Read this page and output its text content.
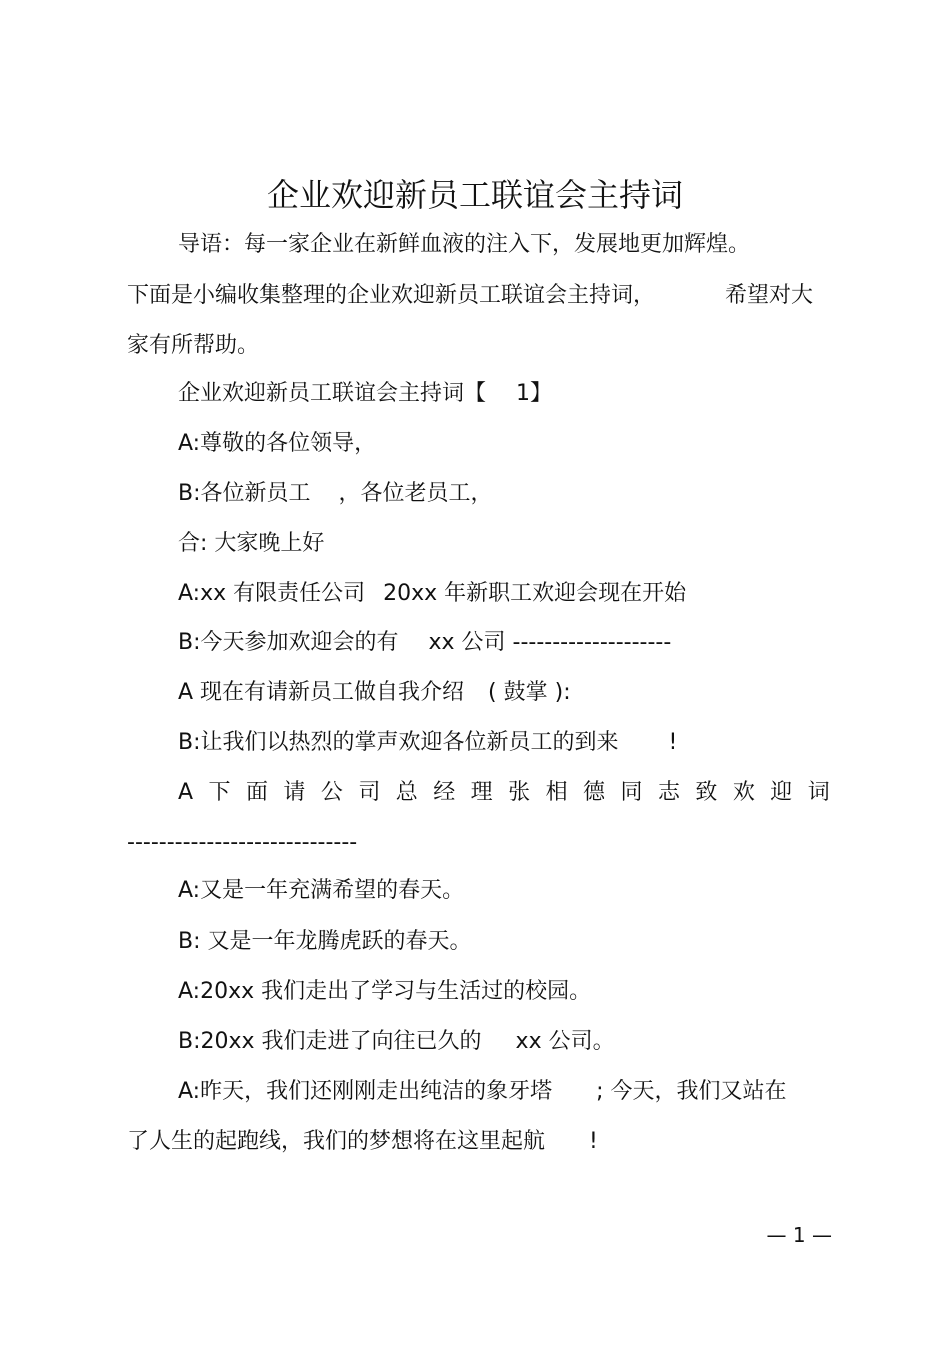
企业欢迎新员工联谊会主持词
导语：每一家企业在新鲜血液的注入下，发展地更加辉煌。
下面是小编收集整理的企业欢迎新员工联谊会主持词，	希望对大
家有所帮助。
企业欢迎新员工联谊会主持词【 1】
A:尊敬的各位领导，
B:各位新员工 ，各位老员工，
合: 大家晚上好
A:xx 有限责任公司 20xx 年新职工欢迎会现在开始
B:今天参加欢迎会的有 xx 公司 --------------------
A 现在有请新员工做自我介绍 ( 鼓掌 ):
B:让我们以热烈的掌声欢迎各位新员工的到来 !
A 下 面 请 公 司 总 经 理 张 相 德 同 志 致 欢 迎 词
-----------------------------
A:又是一年充满希望的春天。
B: 又是一年龙腾虎跃的春天。
A:20xx 我们走出了学习与生活过的校园。
B:20xx 我们走进了向往已久的 xx 公司。
A:昨天，我们还刚刚走出纯洁的象牙塔 ; 今天，我们又站在
了人生的起跑线，我们的梦想将在这里起航 !
— 1 —
